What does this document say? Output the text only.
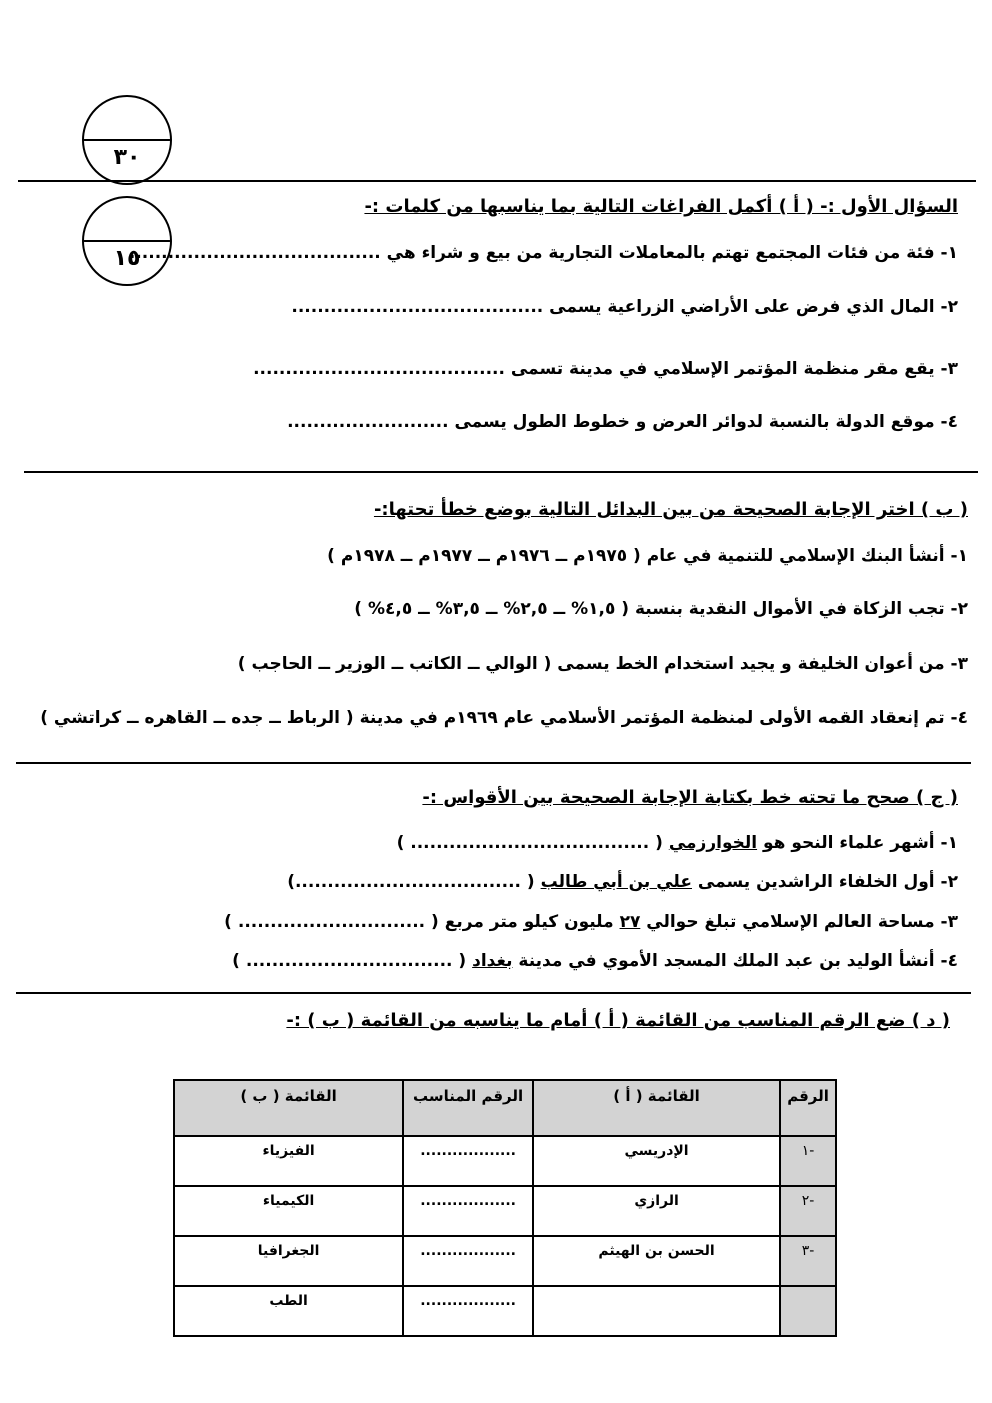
٣٠
١٥
السؤال الأول :- ( أ ) أكمل الفراغات التالية بما يناسبها من كلمات :-
١- فئة من فئات المجتمع تهتم بالمعاملات التجارية من بيع و شراء هي .......................................
٢- المال الذي فرض على الأراضي الزراعية يسمى .......................................
٣- يقع مقر منظمة المؤتمر الإسلامي في مدينة تسمى .......................................
٤- موقع الدولة بالنسبة لدوائر العرض و خطوط الطول يسمى .........................
( ب ) اختر الإجابة الصحيحة من بين البدائل التالية بوضع خطأ تحتها:-
١- أنشأ البنك الإسلامي للتنمية في عام ( ١٩٧٥م ــ ١٩٧٦م ــ ١٩٧٧م ــ ١٩٧٨م )
٢- تجب الزكاة في الأموال النقدية بنسبة ( ١,٥% ــ ٢,٥% ــ ٣,٥% ــ ٤,٥% )
٣- من أعوان الخليفة و يجيد استخدام الخط يسمى ( الوالي ــ الكاتب ــ الوزير ــ الحاجب )
٤- تم إنعقاد القمه الأولى لمنظمة المؤتمر الأسلامي عام ١٩٦٩م في مدينة ( الرباط ــ جده ــ القاهره ــ كراتشي )
( ج ) صحح ما تحته خط بكتابة الإجابة الصحيحة بين الأقواس :-
١- أشهر علماء النحو هو الخوارزمي ( ..................................... )
٢- أول الخلفاء الراشدين يسمى علي بن أبي طالب ( ...................................)
٣- مساحة العالم الإسلامي تبلغ حوالي ٢٧ مليون كيلو متر مربع ( ............................. )
٤- أنشأ الوليد بن عبد الملك المسجد الأموي في مدينة بغداد ( ................................ )
( د ) ضع الرقم المناسب من القائمة ( أ ) أمام ما يناسبه من القائمة ( ب ) :-
الرقم	القائمة ( أ )	الرقم المناسب	القائمة ( ب )
-١	الإدريسي	..................	الفيزياء
-٢	الرازي	..................	الكيمياء
-٣	الحسن بن الهيثم	..................	الجغرافيا
		..................	الطب
